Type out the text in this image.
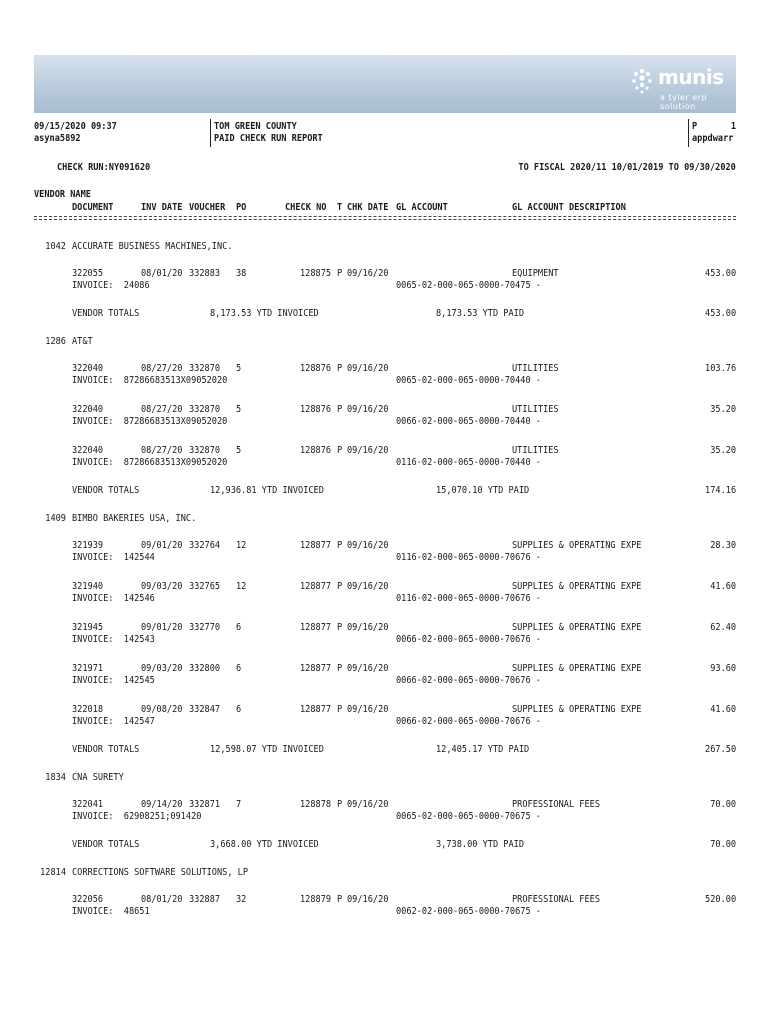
munis
a tyler erp solution
09/15/2020 09:37
asyna5892
TOM GREEN COUNTY
PAID CHECK RUN REPORT
P	1
appdwarr
CHECK RUN:NY091620	TO FISCAL 2020/11 10/01/2019 TO 09/30/2020
VENDOR NAME
DOCUMENT	INV DATE VOUCHER PO	CHECK NO T CHK DATE GL ACCOUNT	GL ACCOUNT DESCRIPTION
1042 ACCURATE BUSINESS MACHINES,INC.
322055	08/01/20 332883 38	128875 P 09/16/20	EQUIPMENT	453.00
INVOICE:  24086	0065-02-000-065-0000-70475 -
VENDOR TOTALS	8,173.53 YTD INVOICED	8,173.53 YTD PAID	453.00
1286 AT&T
322040	08/27/20 332870 5	128876 P 09/16/20	UTILITIES	103.76
INVOICE:  87286683513X09052020	0065-02-000-065-0000-70440 -
322040	08/27/20 332870 5	128876 P 09/16/20	UTILITIES	35.20
INVOICE:  87286683513X09052020	0066-02-000-065-0000-70440 -
322040	08/27/20 332870 5	128876 P 09/16/20	UTILITIES	35.20
INVOICE:  87286683513X09052020	0116-02-000-065-0000-70440 -
VENDOR TOTALS	12,936.81 YTD INVOICED	15,070.10 YTD PAID	174.16
1409 BIMBO BAKERIES USA, INC.
321939	09/01/20 332764 12	128877 P 09/16/20	SUPPLIES & OPERATING EXPE	28.30
INVOICE:  142544	0116-02-000-065-0000-70676 -
321940	09/03/20 332765 12	128877 P 09/16/20	SUPPLIES & OPERATING EXPE	41.60
INVOICE:  142546	0116-02-000-065-0000-70676 -
321945	09/01/20 332770 6	128877 P 09/16/20	SUPPLIES & OPERATING EXPE	62.40
INVOICE:  142543	0066-02-000-065-0000-70676 -
321971	09/03/20 332800 6	128877 P 09/16/20	SUPPLIES & OPERATING EXPE	93.60
INVOICE:  142545	0066-02-000-065-0000-70676 -
322018	09/08/20 332847 6	128877 P 09/16/20	SUPPLIES & OPERATING EXPE	41.60
INVOICE:  142547	0066-02-000-065-0000-70676 -
VENDOR TOTALS	12,598.07 YTD INVOICED	12,405.17 YTD PAID	267.50
1834 CNA SURETY
322041	09/14/20 332871 7	128878 P 09/16/20	PROFESSIONAL FEES	70.00
INVOICE:  62908251;091420	0065-02-000-065-0000-70675 -
VENDOR TOTALS	3,668.00 YTD INVOICED	3,738.00 YTD PAID	70.00
12814 CORRECTIONS SOFTWARE SOLUTIONS, LP
322056	08/01/20 332887 32	128879 P 09/16/20	PROFESSIONAL FEES	520.00
INVOICE:  48651	0062-02-000-065-0000-70675 -
